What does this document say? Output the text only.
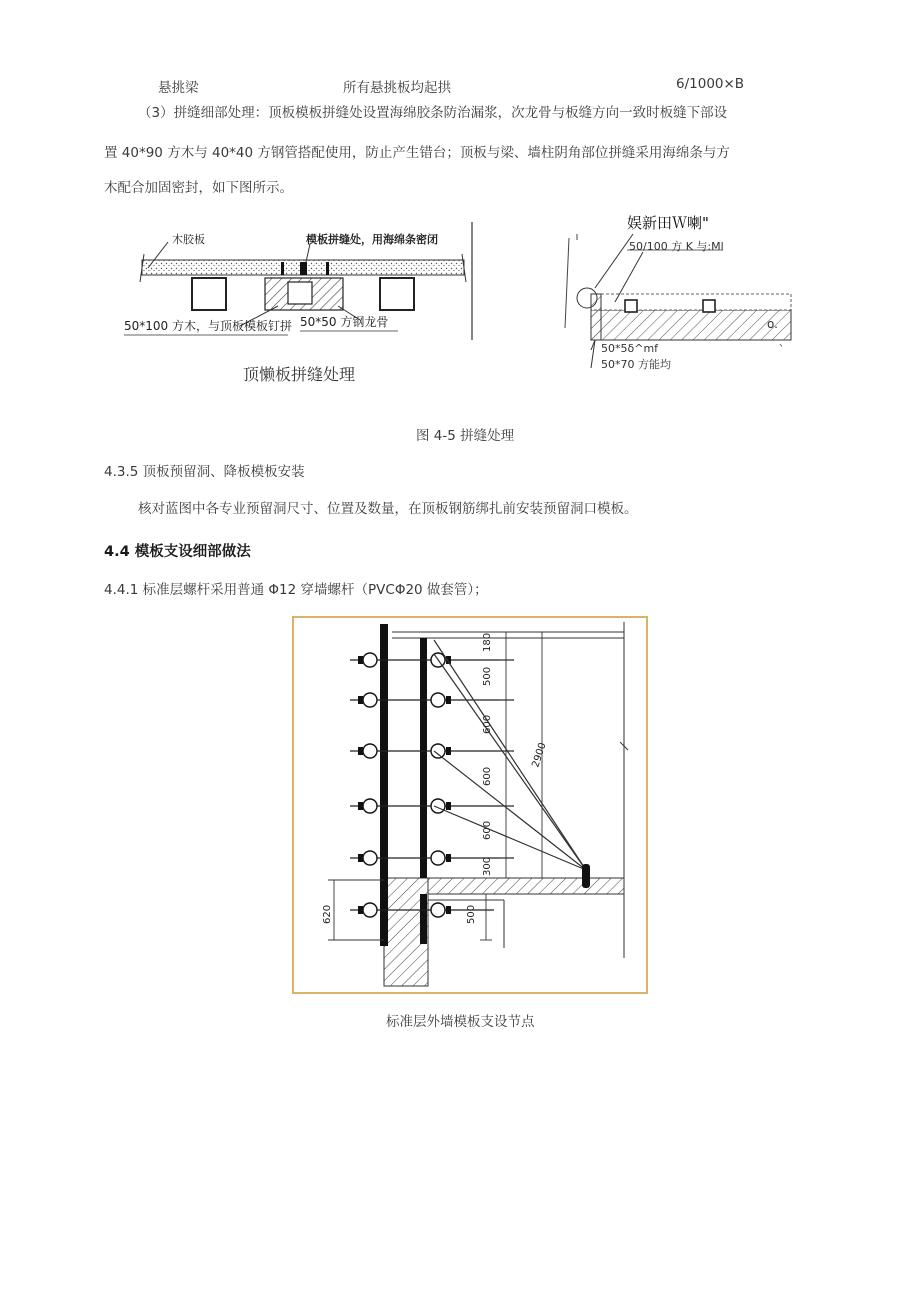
悬挑梁	所有悬挑板均起拱	6/1000×B
（3）拼缝细部处理：顶板模板拼缝处设置海绵胶条防治漏浆，次龙骨与板缝方向一致时板缝下部设
置 40*90 方木与 40*40 方钢管搭配使用，防止产生错台；顶板与梁、墙柱阴角部位拼缝采用海绵条与方
木配合加固密封，如下图所示。
木胶板	模板拼缝处，用海绵条密闭
50*100 方木，与顶板模板钉拼 50*50 方钢龙骨
顶懒板拼缝处理
娱新田Ｗ喇"
50/100 方 K 与:Ml
50*5δ^mf
50*70 方能均
o.
、
图 4-5 拼缝处理
4.3.5 顶板预留洞、降板模板安装
核对蓝图中各专业预留洞尺寸、位置及数量，在顶板钢筋绑扎前安装预留洞口模板。
4.4 模板支设细部做法
4.4.1 标准层螺杆采用普通 Φ12 穿墙螺杆（PVCΦ20 做套管）；
180
500
600
600
600
300
500
2900
620
标准层外墙模板支设节点
